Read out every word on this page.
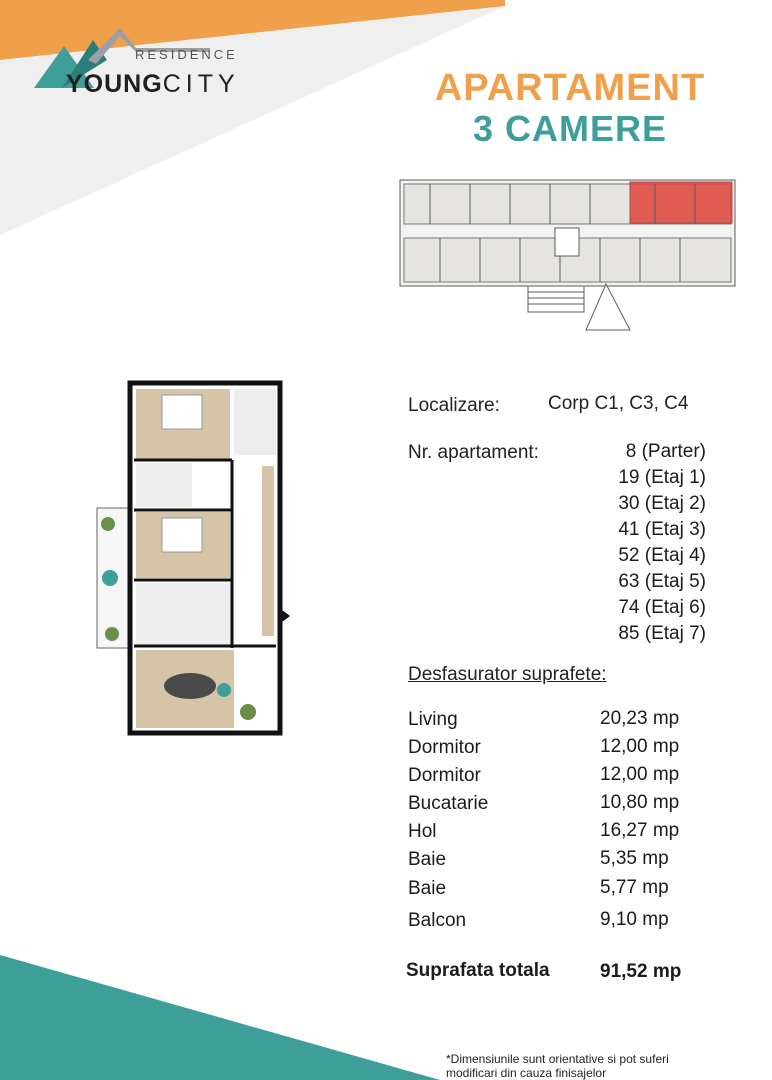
RESIDENCE
YOUNGCITY	APARTAMENT
3 CAMERE
Localizare:	Corp C1, C3, C4
Nr. apartament:	8 (Parter)
19 (Etaj 1)
30 (Etaj 2)
41 (Etaj 3)
52 (Etaj 4)
63 (Etaj 5)
74 (Etaj 6)
85 (Etaj 7)
Desfasurator suprafete:
Living	20,23 mp
Dormitor	12,00 mp
Dormitor	12,00 mp
Bucatarie	10,80 mp
Hol	16,27 mp
Baie	5,35 mp
Baie	5,77 mp
Balcon	9,10 mp
Suprafata totala	91,52 mp
*Dimensiunile sunt orientative si pot suferi
modificari din cauza finisajelor
